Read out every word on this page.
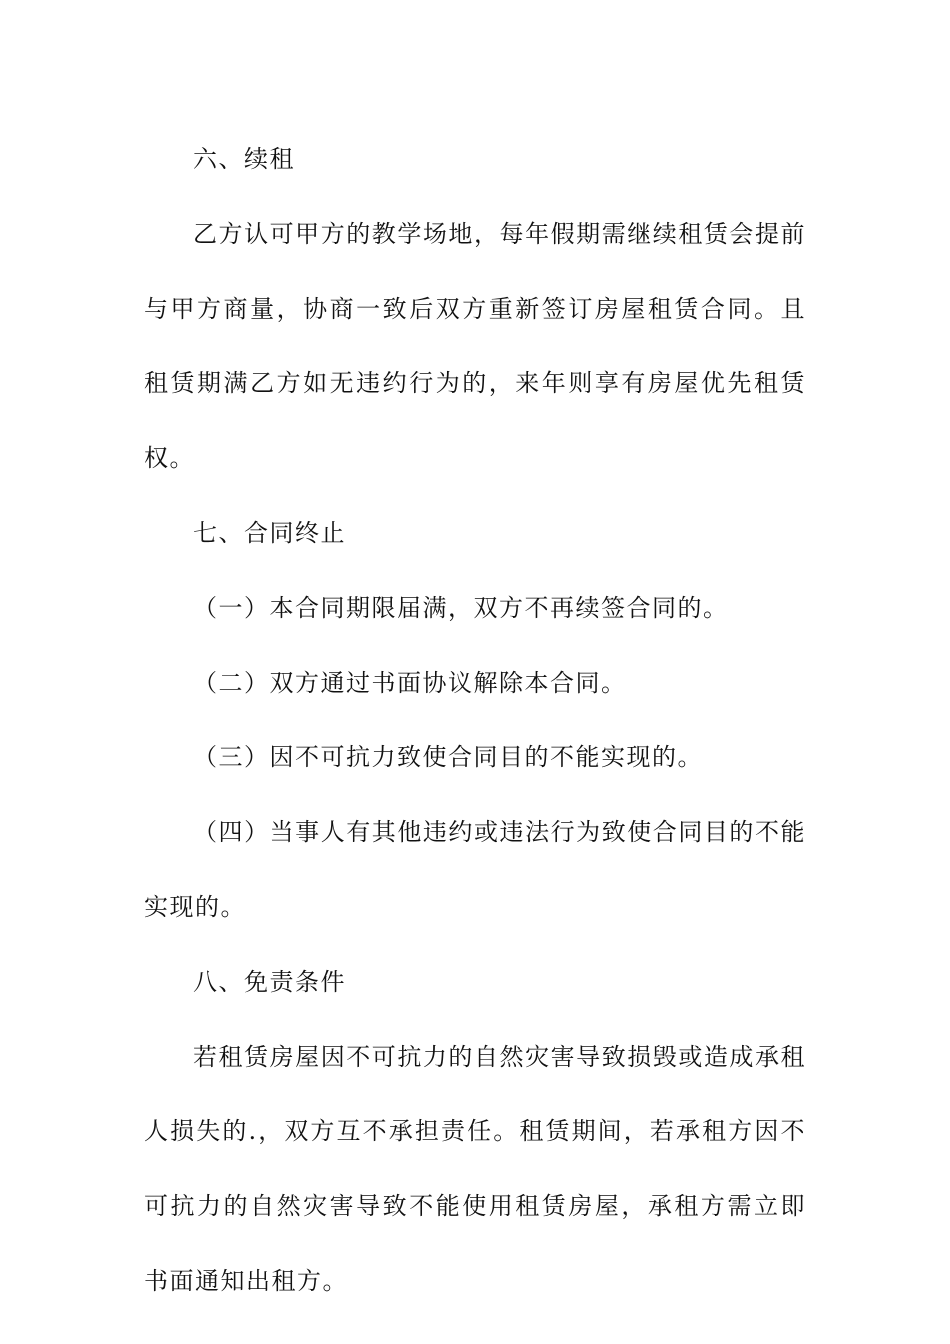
六、续租

乙方认可甲方的教学场地，每年假期需继续租赁会提前与甲方商量，协商一致后双方重新签订房屋租赁合同。且租赁期满乙方如无违约行为的，来年则享有房屋优先租赁权。

七、合同终止

（一）本合同期限届满，双方不再续签合同的。

（二）双方通过书面协议解除本合同。

（三）因不可抗力致使合同目的不能实现的。

（四）当事人有其他违约或违法行为致使合同目的不能实现的。

八、免责条件

若租赁房屋因不可抗力的自然灾害导致损毁或造成承租人损失的.，双方互不承担责任。租赁期间，若承租方因不可抗力的自然灾害导致不能使用租赁房屋，承租方需立即书面通知出租方。
